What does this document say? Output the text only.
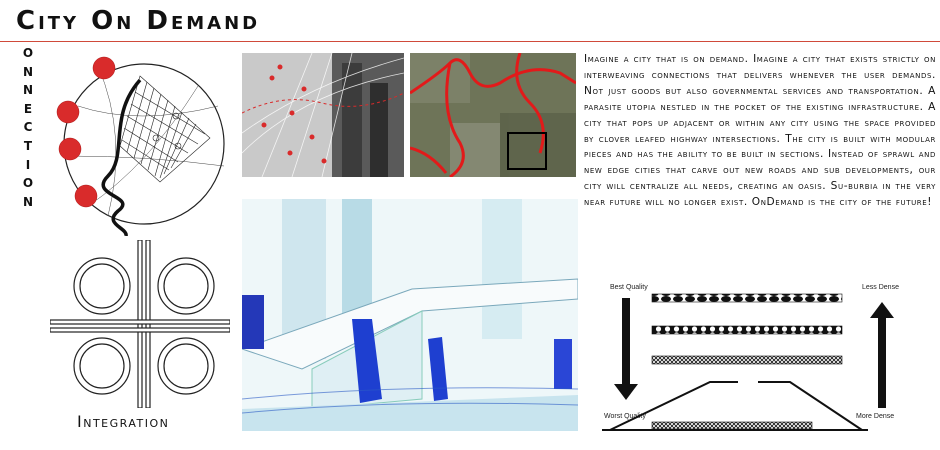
City On Demand
O
N
N
E
C
T
I
O
N
Integration
Imagine a city that is on demand. Imagine a city that exists strictly on interweaving connections that delivers whenever the user demands. Not just goods but also governmental services and transportation. A parasite utopia nestled in the pocket of the existing infrastructure. A city that pops up adjacent or within any city using the space provided by clover leafed highway intersections. The city is built with modular pieces and has the ability to be built in sections. Instead of sprawl and new edge cities that carve out new roads and sub developments, our city will centralize all needs, creating an oasis. Su-burbia in the very near future will no longer exist. OnDemand is the city of the future!
Best Quality
Worst Quality
Less Dense
More Dense
